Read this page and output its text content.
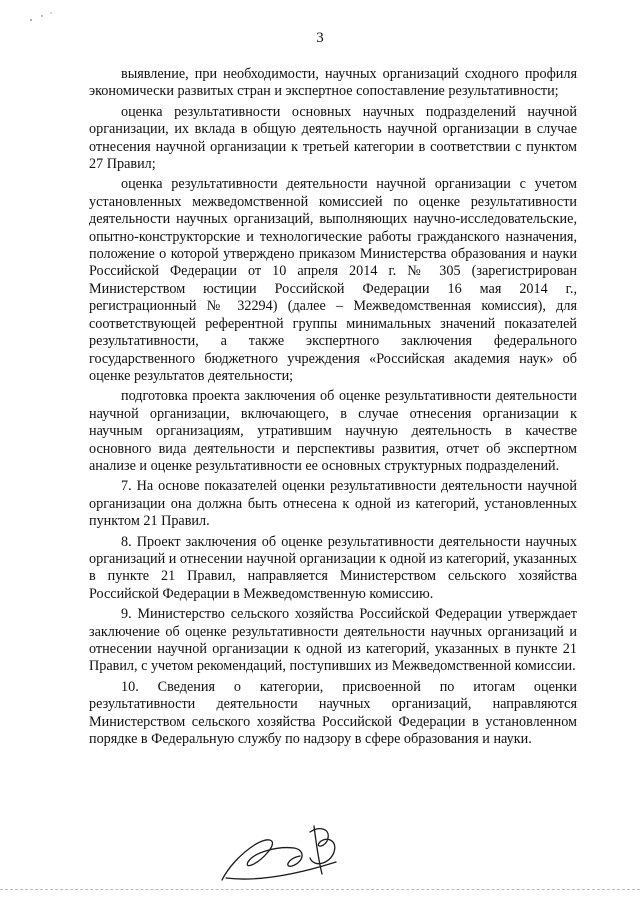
3

выявление, при необходимости, научных организаций сходного профиля экономически развитых стран и экспертное сопоставление результативности;

оценка результативности основных научных подразделений научной организации, их вклада в общую деятельность научной организации в случае отнесения научной организации к третьей категории в соответствии с пунктом 27 Правил;

оценка результативности деятельности научной организации с учетом установленных межведомственной комиссией по оценке результативности деятельности научных организаций, выполняющих научно-исследовательские, опытно-конструкторские и технологические работы гражданского назначения, положение о которой утверждено приказом Министерства образования и науки Российской Федерации от 10 апреля 2014 г. № 305 (зарегистрирован Министерством юстиции Российской Федерации 16 мая 2014 г., регистрационный № 32294) (далее – Межведомственная комиссия), для соответствующей референтной группы минимальных значений показателей результативности, а также экспертного заключения федерального государственного бюджетного учреждения «Российская академия наук» об оценке результатов деятельности;

подготовка проекта заключения об оценке результативности деятельности научной организации, включающего, в случае отнесения организации к научным организациям, утратившим научную деятельность в качестве основного вида деятельности и перспективы развития, отчет об экспертном анализе и оценке результативности ее основных структурных подразделений.

7. На основе показателей оценки результативности деятельности научной организации она должна быть отнесена к одной из категорий, установленных пунктом 21 Правил.

8. Проект заключения об оценке результативности деятельности научных организаций и отнесении научной организации к одной из категорий, указанных в пункте 21 Правил, направляется Министерством сельского хозяйства Российской Федерации в Межведомственную комиссию.

9. Министерство сельского хозяйства Российской Федерации утверждает заключение об оценке результативности деятельности научных организаций и отнесении научной организации к одной из категорий, указанных в пункте 21 Правил, с учетом рекомендаций, поступивших из Межведомственной комиссии.

10. Сведения о категории, присвоенной по итогам оценки результативности деятельности научных организаций, направляются Министерством сельского хозяйства Российской Федерации в установленном порядке в Федеральную службу по надзору в сфере образования и науки.
